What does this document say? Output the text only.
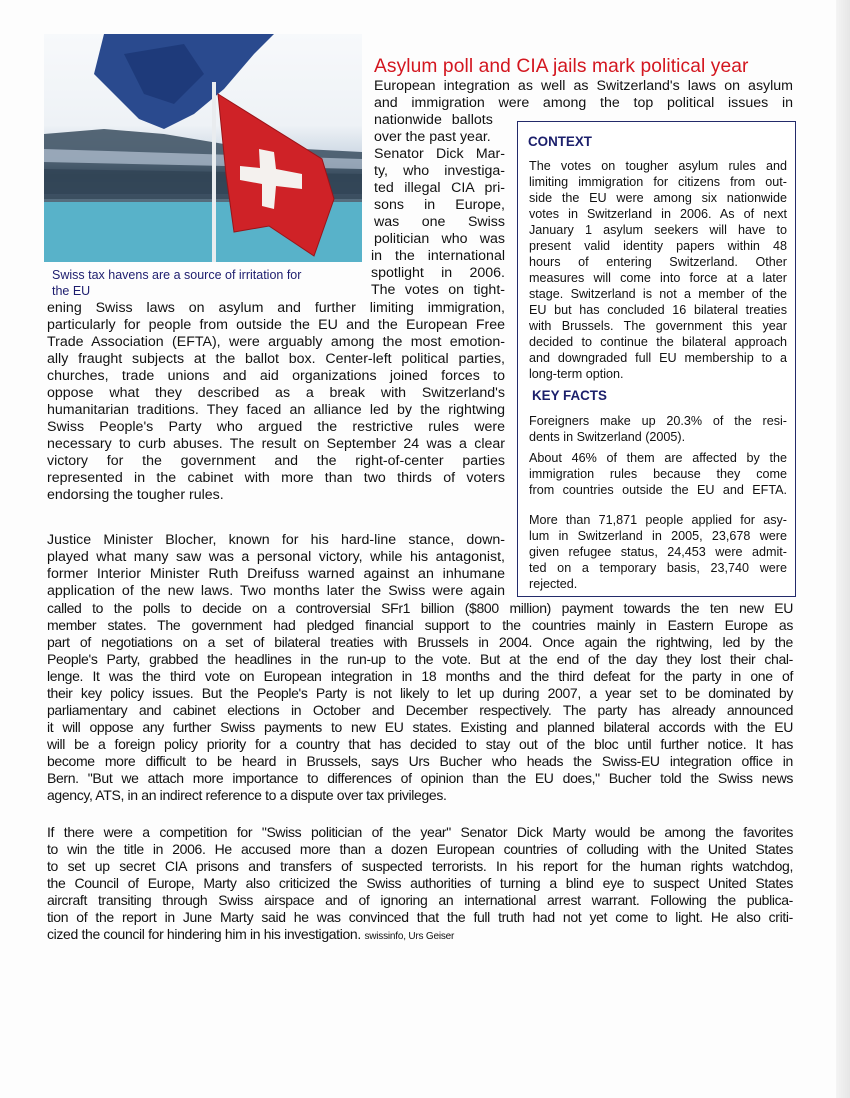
Swiss tax havens are a source of irritation for
the EU
Asylum poll and CIA jails mark political year
European integration as well as Switzerland's laws on asylum
and immigration were among the top political issues in
nationwide ballots
over the past year.
Senator Dick Mar-
ty, who investiga-
ted illegal CIA pri-
sons in Europe,
was one Swiss
politician who was
in the international
spotlight in 2006.
The votes on tight-
ening Swiss laws on asylum and further limiting immigration,
particularly for people from outside the EU and the European Free
Trade Association (EFTA), were arguably among the most emotion-
ally fraught subjects at the ballot box. Center-left political parties,
churches, trade unions and aid organizations joined forces to
oppose what they described as a break with Switzerland's
humanitarian traditions. They faced an alliance led by the rightwing
Swiss People's Party who argued the restrictive rules were
necessary to curb abuses. The result on September 24 was a clear
victory for the government and the right-of-center parties
represented in the cabinet with more than two thirds of voters
endorsing the tougher rules.
Justice Minister Blocher, known for his hard-line stance, down-
played what many saw was a personal victory, while his antagonist,
former Interior Minister Ruth Dreifuss warned against an inhumane
application of the new laws. Two months later the Swiss were again
called to the polls to decide on a controversial SFr1 billion ($800 million) payment towards the ten new EU
member states. The government had pledged financial support to the countries mainly in Eastern Europe as
part of negotiations on a set of bilateral treaties with Brussels in 2004. Once again the rightwing, led by the
People's Party, grabbed the headlines in the run-up to the vote. But at the end of the day they lost their chal-
lenge. It was the third vote on European integration in 18 months and the third defeat for the party in one of
their key policy issues. But the People's Party is not likely to let up during 2007, a year set to be dominated by
parliamentary and cabinet elections in October and December respectively. The party has already announced
it will oppose any further Swiss payments to new EU states. Existing and planned bilateral accords with the EU
will be a foreign policy priority for a country that has decided to stay out of the bloc until further notice. It has
become more difficult to be heard in Brussels, says Urs Bucher who heads the Swiss-EU integration office in
Bern. "But we attach more importance to differences of opinion than the EU does," Bucher told the Swiss news
agency, ATS, in an indirect reference to a dispute over tax privileges.
If there were a competition for "Swiss politician of the year" Senator Dick Marty would be among the favorites
to win the title in 2006. He accused more than a dozen European countries of colluding with the United States
to set up secret CIA prisons and transfers of suspected terrorists. In his report for the human rights watchdog,
the Council of Europe, Marty also criticized the Swiss authorities of turning a blind eye to suspect United States
aircraft transiting through Swiss airspace and of ignoring an international arrest warrant. Following the publica-
tion of the report in June Marty said he was convinced that the full truth had not yet come to light. He also criti-
cized the council for hindering him in his investigation. swissinfo, Urs Geiser
CONTEXT
The votes on tougher asylum rules and
limiting immigration for citizens from out-
side the EU were among six nationwide
votes in Switzerland in 2006. As of next
January 1 asylum seekers will have to
present valid identity papers within 48
hours of entering Switzerland. Other
measures will come into force at a later
stage. Switzerland is not a member of the
EU but has concluded 16 bilateral treaties
with Brussels. The government this year
decided to continue the bilateral approach
and downgraded full EU membership to a
long-term option.
KEY FACTS
Foreigners make up 20.3% of the resi-
dents in Switzerland (2005).
About 46% of them are affected by the
immigration rules because they come
from countries outside the EU and EFTA.
More than 71,871 people applied for asy-
lum in Switzerland in 2005, 23,678 were
given refugee status, 24,453 were admit-
ted on a temporary basis, 23,740 were
rejected.
